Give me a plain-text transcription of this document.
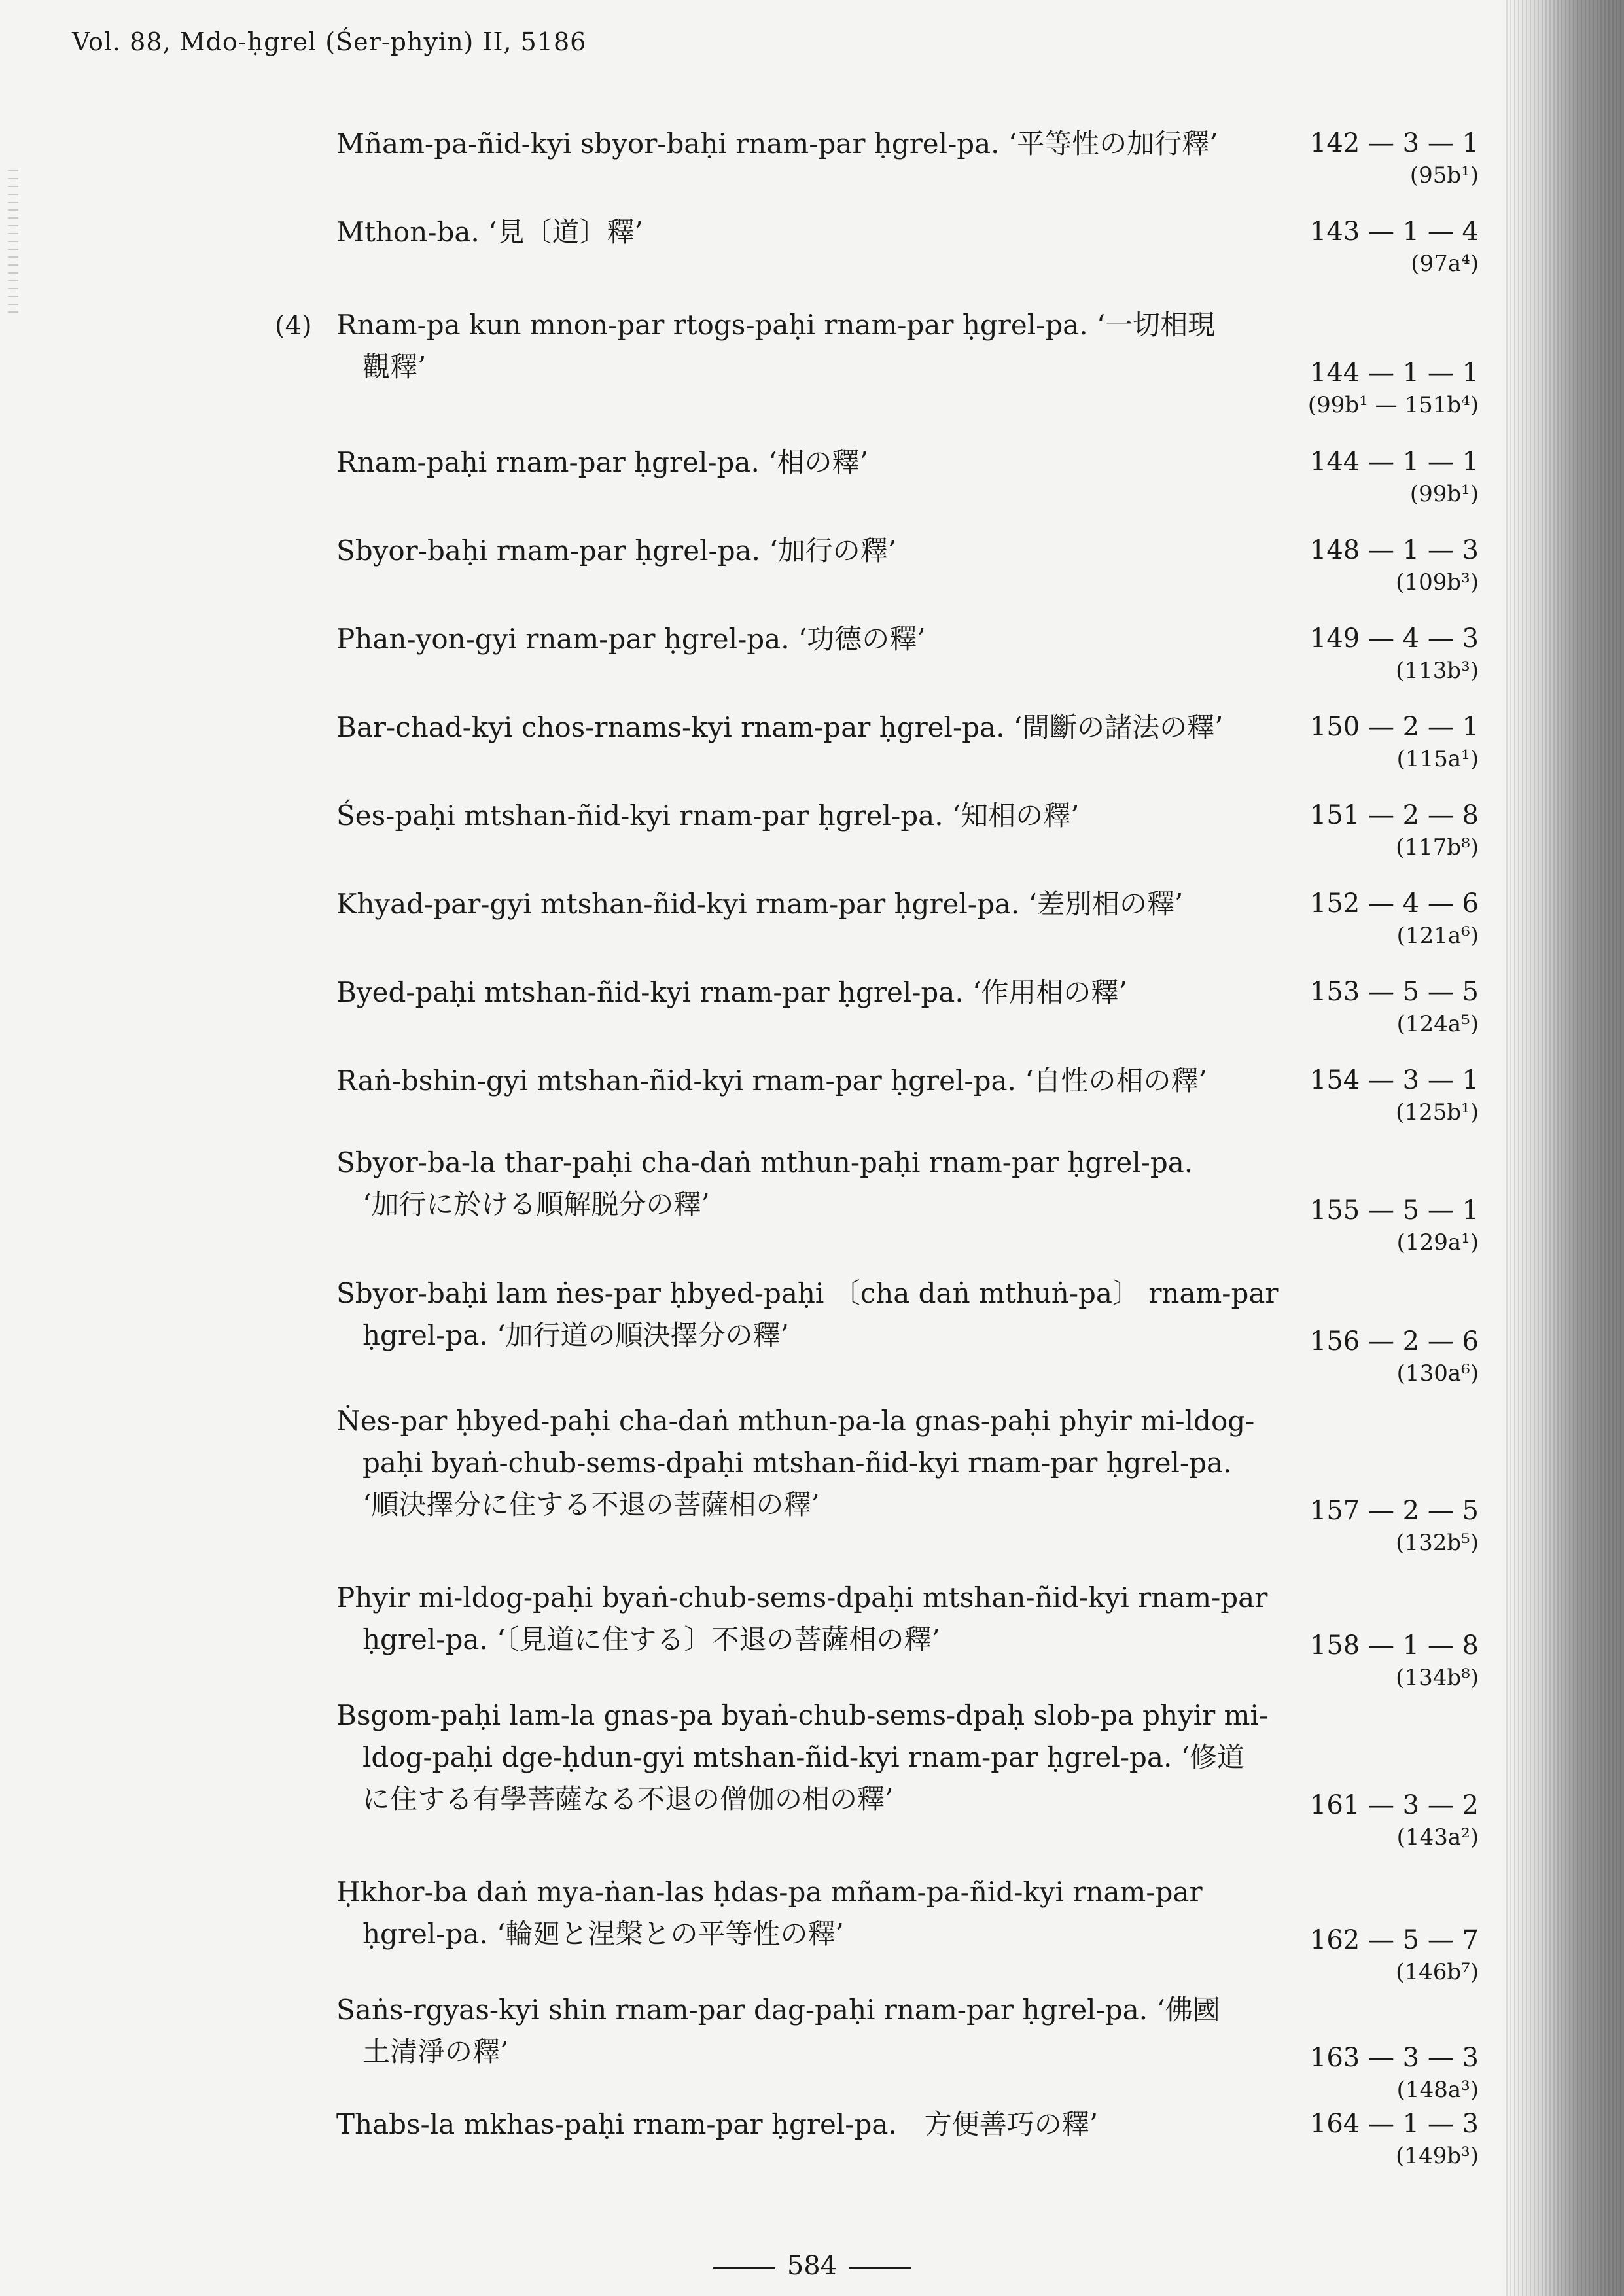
Vol. 88, Mdo-ḥgrel (Śer-phyin) II, 5186
Mñam-pa-ñid-kyi sbyor-baḥi rnam-par ḥgrel-pa. ‘平等性の加行釋’	142 — 3 — 1
(95b¹)
Mthon-ba. ‘見〔道〕釋’	143 — 1 — 4
(97a⁴)
(4) Rnam-pa kun mnon-par rtogs-paḥi rnam-par ḥgrel-pa. ‘一切相現
觀釋’	144 — 1 — 1
(99b¹ — 151b⁴)
Rnam-paḥi rnam-par ḥgrel-pa. ‘相の釋’	144 — 1 — 1
(99b¹)
Sbyor-baḥi rnam-par ḥgrel-pa. ‘加行の釋’	148 — 1 — 3
(109b³)
Phan-yon-gyi rnam-par ḥgrel-pa. ‘功德の釋’	149 — 4 — 3
(113b³)
Bar-chad-kyi chos-rnams-kyi rnam-par ḥgrel-pa. ‘間斷の諸法の釋’	150 — 2 — 1
(115a¹)
Śes-paḥi mtshan-ñid-kyi rnam-par ḥgrel-pa. ‘知相の釋’	151 — 2 — 8
(117b⁸)
Khyad-par-gyi mtshan-ñid-kyi rnam-par ḥgrel-pa. ‘差別相の釋’	152 — 4 — 6
(121a⁶)
Byed-paḥi mtshan-ñid-kyi rnam-par ḥgrel-pa. ‘作用相の釋’	153 — 5 — 5
(124a⁵)
Raṅ-bshin-gyi mtshan-ñid-kyi rnam-par ḥgrel-pa. ‘自性の相の釋’	154 — 3 — 1
(125b¹)
Sbyor-ba-la thar-paḥi cha-daṅ mthun-paḥi rnam-par ḥgrel-pa.
‘加行に於ける順解脱分の釋’	155 — 5 — 1
(129a¹)
Sbyor-baḥi lam ṅes-par ḥbyed-paḥi 〔cha daṅ mthuṅ-pa〕 rnam-par
ḥgrel-pa. ‘加行道の順決擇分の釋’	156 — 2 — 6
(130a⁶)
Ṅes-par ḥbyed-paḥi cha-daṅ mthun-pa-la gnas-paḥi phyir mi-ldog-
paḥi byaṅ-chub-sems-dpaḥi mtshan-ñid-kyi rnam-par ḥgrel-pa.
‘順決擇分に住する不退の菩薩相の釋’	157 — 2 — 5
(132b⁵)
Phyir mi-ldog-paḥi byaṅ-chub-sems-dpaḥi mtshan-ñid-kyi rnam-par
ḥgrel-pa. ‘〔見道に住する〕不退の菩薩相の釋’	158 — 1 — 8
(134b⁸)
Bsgom-paḥi lam-la gnas-pa byaṅ-chub-sems-dpaḥ slob-pa phyir mi-
ldog-paḥi dge-ḥdun-gyi mtshan-ñid-kyi rnam-par ḥgrel-pa. ‘修道
に住する有學菩薩なる不退の僧伽の相の釋’	161 — 3 — 2
(143a²)
Ḥkhor-ba daṅ mya-ṅan-las ḥdas-pa mñam-pa-ñid-kyi rnam-par
ḥgrel-pa. ‘輪廻と涅槃との平等性の釋’	162 — 5 — 7
(146b⁷)
Saṅs-rgyas-kyi shin rnam-par dag-paḥi rnam-par ḥgrel-pa. ‘佛國
土清淨の釋’	163 — 3 — 3
(148a³)
Thabs-la mkhas-paḥi rnam-par ḥgrel-pa.　方便善巧の釋’	164 — 1 — 3
(149b³)
584
